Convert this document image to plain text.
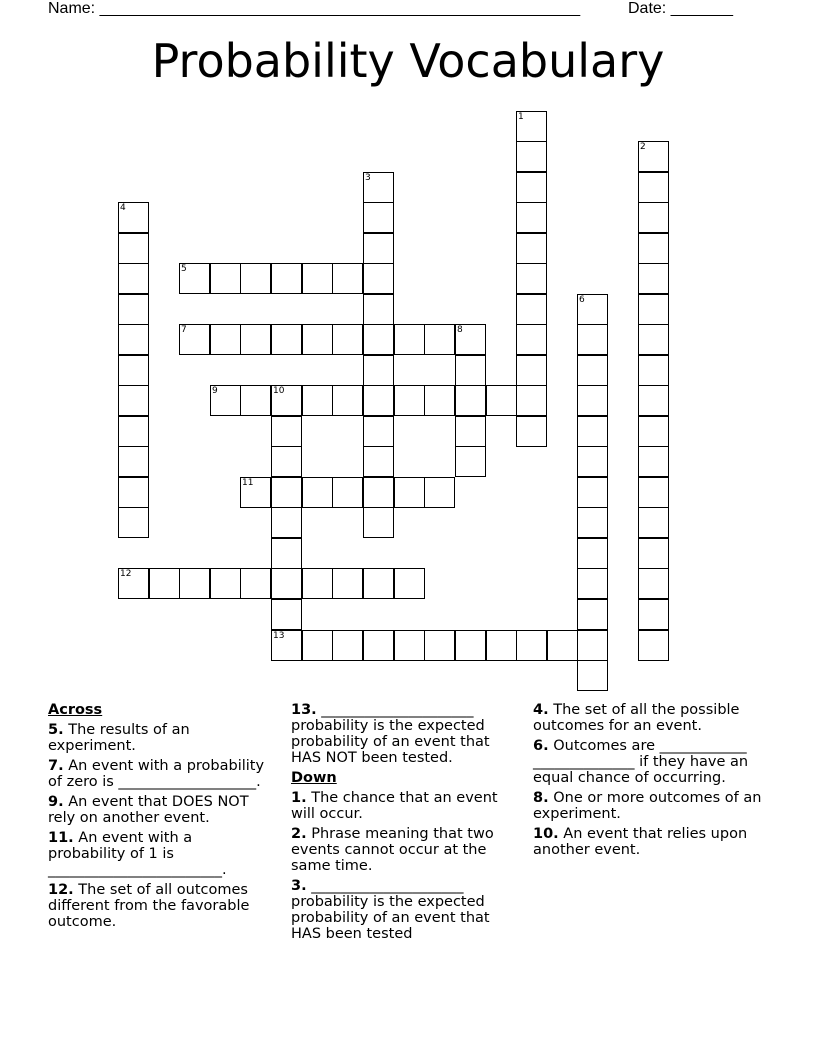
Name: ______________________________________________________	Date: _______
Probability Vocabulary
1
2
3
4
5
6
7	8
9	10
13
11
12
Across
5. The results of an experiment.
7. An event with a probability of zero is ___________________.
9. An event that DOES NOT rely on another event.
11. An event with a probability of 1 is ________________________.
12. The set of all outcomes different from the favorable outcome.
13. _____________________ probability is the expected probability of an event that HAS NOT been tested.
Down
1. The chance that an event will occur.
2. Phrase meaning that two events cannot occur at the same time.
3. _____________________ probability is the expected probability of an event that HAS been tested
4. The set of all the possible outcomes for an event.
6. Outcomes are ____________ ______________ if they have an equal chance of occurring.
8. One or more outcomes of an experiment.
10. An event that relies upon another event.
